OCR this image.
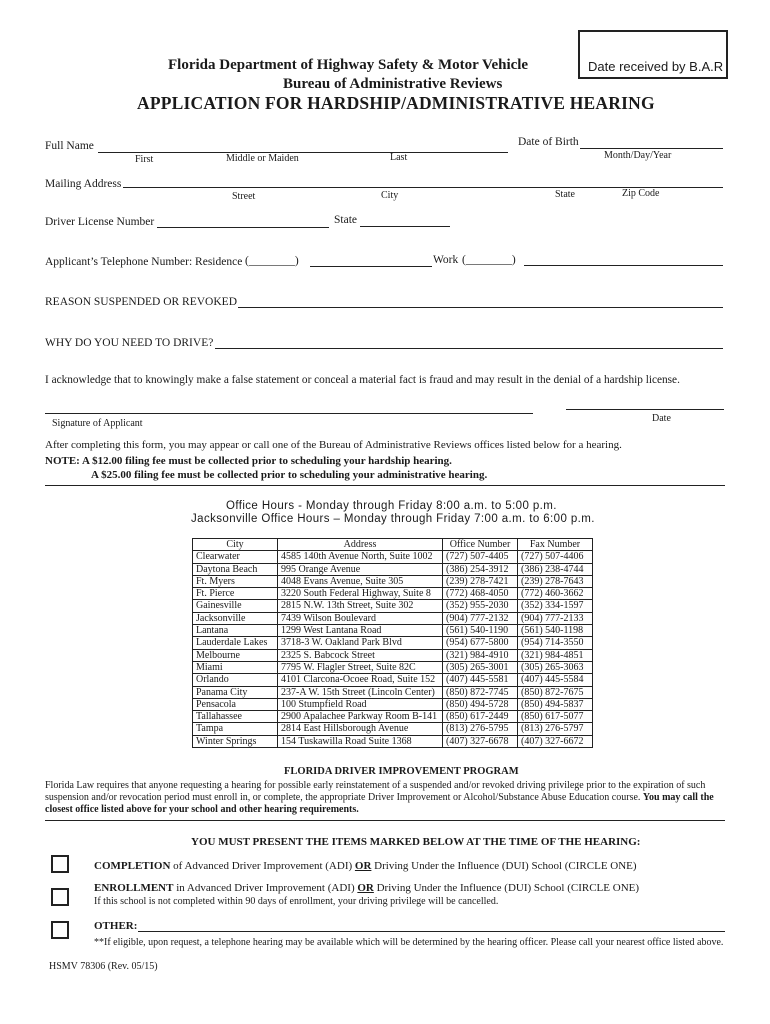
Date received by B.A.R
Florida Department of Highway Safety & Motor Vehicle
Bureau of Administrative Reviews
APPLICATION FOR HARDSHIP/ADMINISTRATIVE HEARING
Full Name
First	Middle or Maiden	Last
Date of Birth
Month/Day/Year
Mailing Address
Street	City	State	Zip Code
Driver License Number	State
Applicant’s Telephone Number: Residence (________)	Work (________)
REASON SUSPENDED OR REVOKED
WHY DO YOU NEED TO DRIVE?
I acknowledge that to knowingly make a false statement or conceal a material fact is fraud and may result in the denial of a hardship license.
Signature of Applicant	Date
After completing this form, you may appear or call one of the Bureau of Administrative Reviews offices listed below for a hearing.
NOTE: A $12.00 filing fee must be collected prior to scheduling your hardship hearing.
A $25.00 filing fee must be collected prior to scheduling your administrative hearing.
Office Hours - Monday through Friday 8:00 a.m. to 5:00 p.m.
Jacksonville Office Hours – Monday through Friday 7:00 a.m. to 6:00 p.m.
City	Address	Office Number	Fax Number
Clearwater	4585 140th Avenue North, Suite 1002	(727) 507-4405	(727) 507-4406
Daytona Beach	995 Orange Avenue	(386) 254-3912	(386) 238-4744
Ft. Myers	4048 Evans Avenue, Suite 305	(239) 278-7421	(239) 278-7643
Ft. Pierce	3220 South Federal Highway, Suite 8	(772) 468-4050	(772) 460-3662
Gainesville	2815 N.W. 13th Street, Suite 302	(352) 955-2030	(352) 334-1597
Jacksonville	7439 Wilson Boulevard	(904) 777-2132	(904) 777-2133
Lantana	1299 West Lantana Road	(561) 540-1190	(561) 540-1198
Lauderdale Lakes	3718-3 W. Oakland Park Blvd	(954) 677-5800	(954) 714-3550
Melbourne	2325 S. Babcock Street	(321) 984-4910	(321) 984-4851
Miami	7795 W. Flagler Street, Suite 82C	(305) 265-3001	(305) 265-3063
Orlando	4101 Clarcona-Ocoee Road, Suite 152	(407) 445-5581	(407) 445-5584
Panama City	237-A W. 15th Street (Lincoln Center)	(850) 872-7745	(850) 872-7675
Pensacola	100 Stumpfield Road	(850) 494-5728	(850) 494-5837
Tallahassee	2900 Apalachee Parkway Room B-141	(850) 617-2449	(850) 617-5077
Tampa	2814 East Hillsborough Avenue	(813) 276-5795	(813) 276-5797
Winter Springs	154 Tuskawilla Road Suite 1368	(407) 327-6678	(407) 327-6672
FLORIDA DRIVER IMPROVEMENT PROGRAM
Florida Law requires that anyone requesting a hearing for possible early reinstatement of a suspended and/or revoked driving privilege prior to the expiration of such
suspension and/or revocation period must enroll in, or complete, the appropriate Driver Improvement or Alcohol/Substance Abuse Education course. You may call the
closest office listed above for your school and other hearing requirements.
YOU MUST PRESENT THE ITEMS MARKED BELOW AT THE TIME OF THE HEARING:
COMPLETION of Advanced Driver Improvement (ADI) OR Driving Under the Influence (DUI) School (CIRCLE ONE)
ENROLLMENT in Advanced Driver Improvement (ADI) OR Driving Under the Influence (DUI) School (CIRCLE ONE)
If this school is not completed within 90 days of enrollment, your driving privilege will be cancelled.
OTHER:
**If eligible, upon request, a telephone hearing may be available which will be determined by the hearing officer. Please call your nearest office listed above.
HSMV 78306 (Rev. 05/15)
